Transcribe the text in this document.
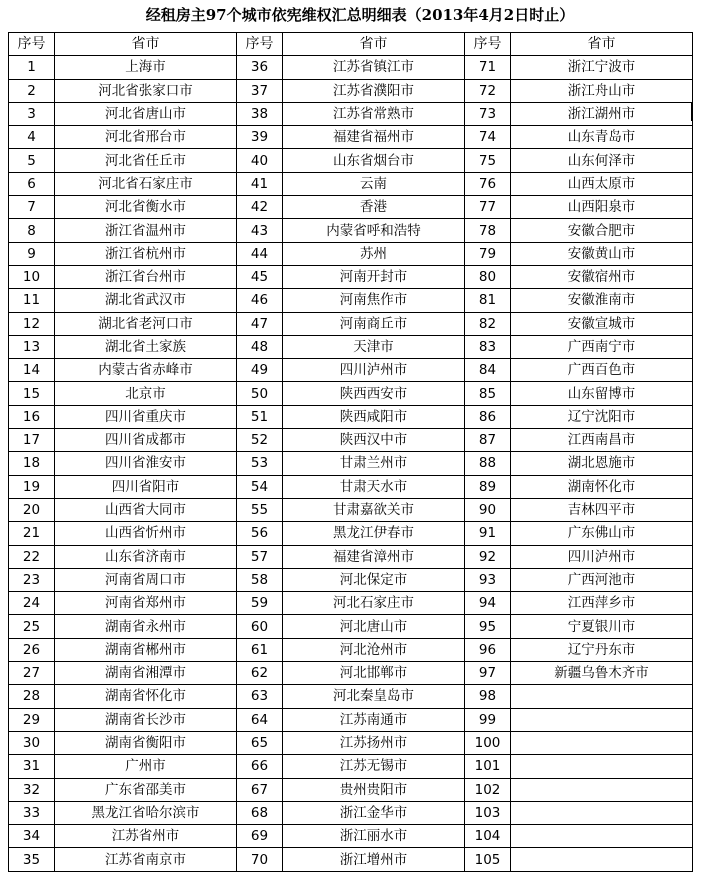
经租房主97个城市依宪维权汇总明细表（2013年4月2日时止）
序号	省市	序号	省市	序号	省市
1	上海市	36	江苏省镇江市	71	浙江宁波市
2	河北省张家口市	37	江苏省濮阳市	72	浙江舟山市
3	河北省唐山市	38	江苏省常熟市	73	浙江湖州市
4	河北省邢台市	39	福建省福州市	74	山东青岛市
5	河北省任丘市	40	山东省烟台市	75	山东何泽市
6	河北省石家庄市	41	云南	76	山西太原市
7	河北省衡水市	42	香港	77	山西阳泉市
8	浙江省温州市	43	内蒙省呼和浩特	78	安徽合肥市
9	浙江省杭州市	44	苏州	79	安徽黄山市
10	浙江省台州市	45	河南开封市	80	安徽宿州市
11	湖北省武汉市	46	河南焦作市	81	安徽淮南市
12	湖北省老河口市	47	河南商丘市	82	安徽宣城市
13	湖北省土家族	48	天津市	83	广西南宁市
14	内蒙古省赤峰市	49	四川泸州市	84	广西百色市
15	北京市	50	陕西西安市	85	山东留博市
16	四川省重庆市	51	陕西咸阳市	86	辽宁沈阳市
17	四川省成都市	52	陕西汉中市	87	江西南昌市
18	四川省淮安市	53	甘肃兰州市	88	湖北恩施市
19	四川省阳市	54	甘肃天水市	89	湖南怀化市
20	山西省大同市	55	甘肃嘉欲关市	90	吉林四平市
21	山西省忻州市	56	黑龙江伊春市	91	广东佛山市
22	山东省济南市	57	福建省漳州市	92	四川泸州市
23	河南省周口市	58	河北保定市	93	广西河池市
24	河南省郑州市	59	河北石家庄市	94	江西萍乡市
25	湖南省永州市	60	河北唐山市	95	宁夏银川市
26	湖南省郴州市	61	河北沧州市	96	辽宁丹东市
27	湖南省湘潭市	62	河北邯郸市	97	新疆乌鲁木齐市
28	湖南省怀化市	63	河北秦皇岛市	98	
29	湖南省长沙市	64	江苏南通市	99	
30	湖南省衡阳市	65	江苏扬州市	100	
31	广州市	66	江苏无锡市	101	
32	广东省邵美市	67	贵州贵阳市	102	
33	黑龙江省哈尔滨市	68	浙江金华市	103	
34	江苏省州市	69	浙江丽水市	104	
35	江苏省南京市	70	浙江增州市	105	
